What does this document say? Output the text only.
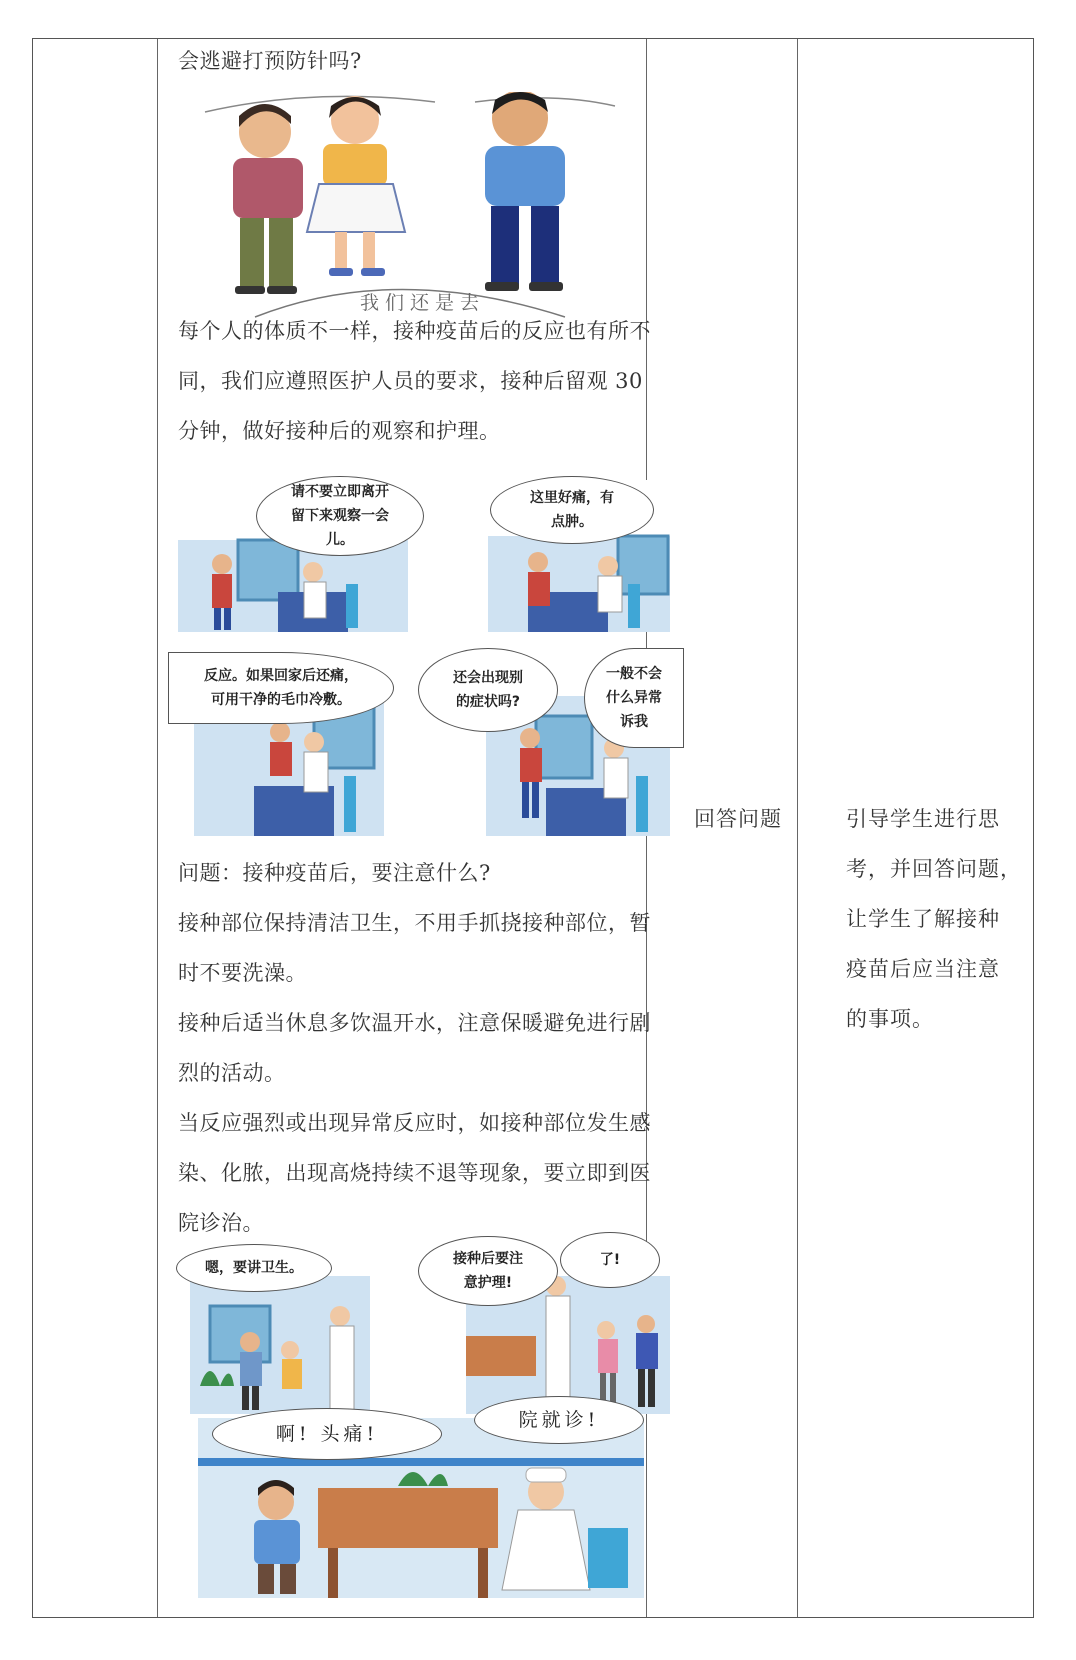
会逃避打预防针吗?
我们还是去
每个人的体质不一样，接种疫苗后的反应也有所不
同，我们应遵照医护人员的要求，接种后留观 30
分钟，做好接种后的观察和护理。
请不要立即离开
留下来观察一会
儿。
这里好痛，有
点肿。
反应。如果回家后还痛，
可用干净的毛巾冷敷。
还会出现别
的症状吗?
一般不会
什么异常
诉我
问题：接种疫苗后，要注意什么?
接种部位保持清洁卫生，不用手抓挠接种部位，暂
时不要洗澡。
接种后适当休息多饮温开水，注意保暖避免进行剧
烈的活动。
当反应强烈或出现异常反应时，如接种部位发生感
染、化脓，出现高烧持续不退等现象，要立即到医
院诊治。
嗯，要讲卫生。
接种后要注
意护理!
了!
啊! 头痛!
院就诊!
回答问题	引导学生进行思
考，并回答问题，
让学生了解接种
疫苗后应当注意
的事项。
